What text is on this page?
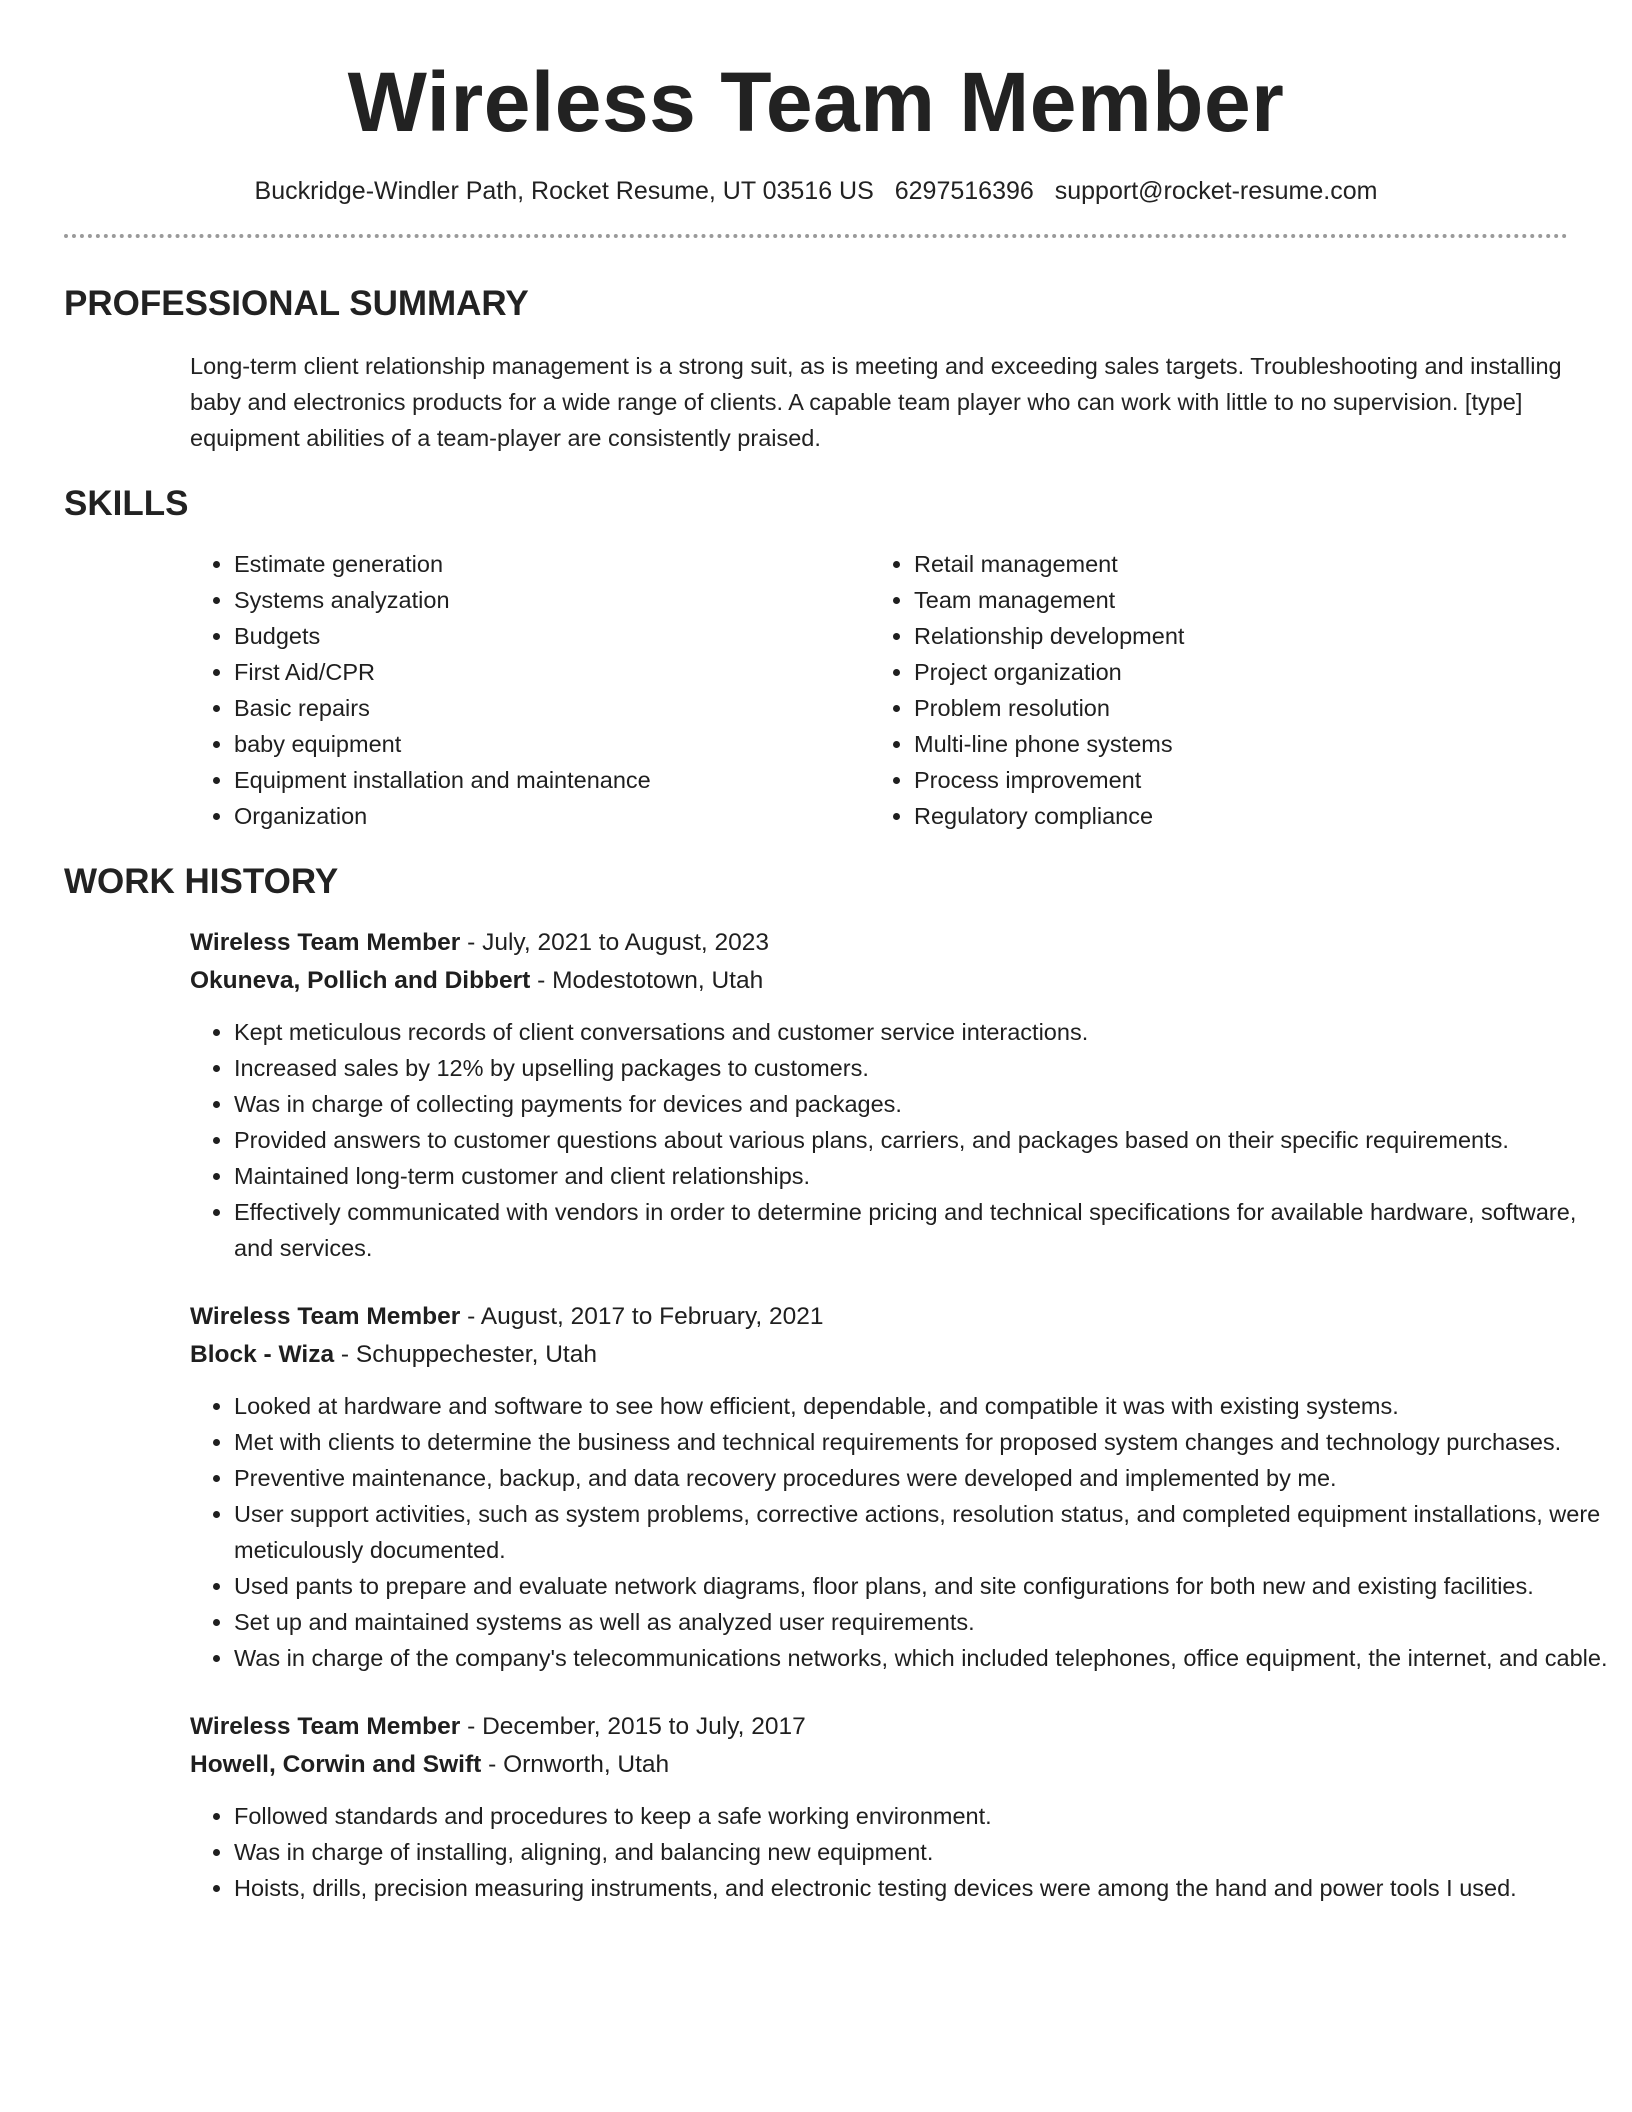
Wireless Team Member
Buckridge-Windler Path, Rocket Resume, UT 03516 US 6297516396 support@rocket-resume.com
PROFESSIONAL SUMMARY

Long-term client relationship management is a strong suit, as is meeting and exceeding sales targets. Troubleshooting and installing baby and electronics products for a wide range of clients. A capable team player who can work with little to no supervision. [type] equipment abilities of a team-player are consistently praised.

SKILLS
• Estimate generation
• Systems analyzation
• Budgets
• First Aid/CPR
• Basic repairs
• baby equipment
• Equipment installation and maintenance
• Organization
• Retail management
• Team management
• Relationship development
• Project organization
• Problem resolution
• Multi-line phone systems
• Process improvement
• Regulatory compliance
WORK HISTORY
Wireless Team Member - July, 2021 to August, 2023
Okuneva, Pollich and Dibbert - Modestotown, Utah
• Kept meticulous records of client conversations and customer service interactions.
• Increased sales by 12% by upselling packages to customers.
• Was in charge of collecting payments for devices and packages.
• Provided answers to customer questions about various plans, carriers, and packages based on their specific requirements.
• Maintained long-term customer and client relationships.
• Effectively communicated with vendors in order to determine pricing and technical specifications for available hardware, software, and services.
Wireless Team Member - August, 2017 to February, 2021
Block - Wiza - Schuppechester, Utah
• Looked at hardware and software to see how efficient, dependable, and compatible it was with existing systems.
• Met with clients to determine the business and technical requirements for proposed system changes and technology purchases.
• Preventive maintenance, backup, and data recovery procedures were developed and implemented by me.
• User support activities, such as system problems, corrective actions, resolution status, and completed equipment installations, were meticulously documented.
• Used pants to prepare and evaluate network diagrams, floor plans, and site configurations for both new and existing facilities.
• Set up and maintained systems as well as analyzed user requirements.
• Was in charge of the company's telecommunications networks, which included telephones, office equipment, the internet, and cable.
Wireless Team Member - December, 2015 to July, 2017
Howell, Corwin and Swift - Ornworth, Utah
• Followed standards and procedures to keep a safe working environment.
• Was in charge of installing, aligning, and balancing new equipment.
• Hoists, drills, precision measuring instruments, and electronic testing devices were among the hand and power tools I used.
